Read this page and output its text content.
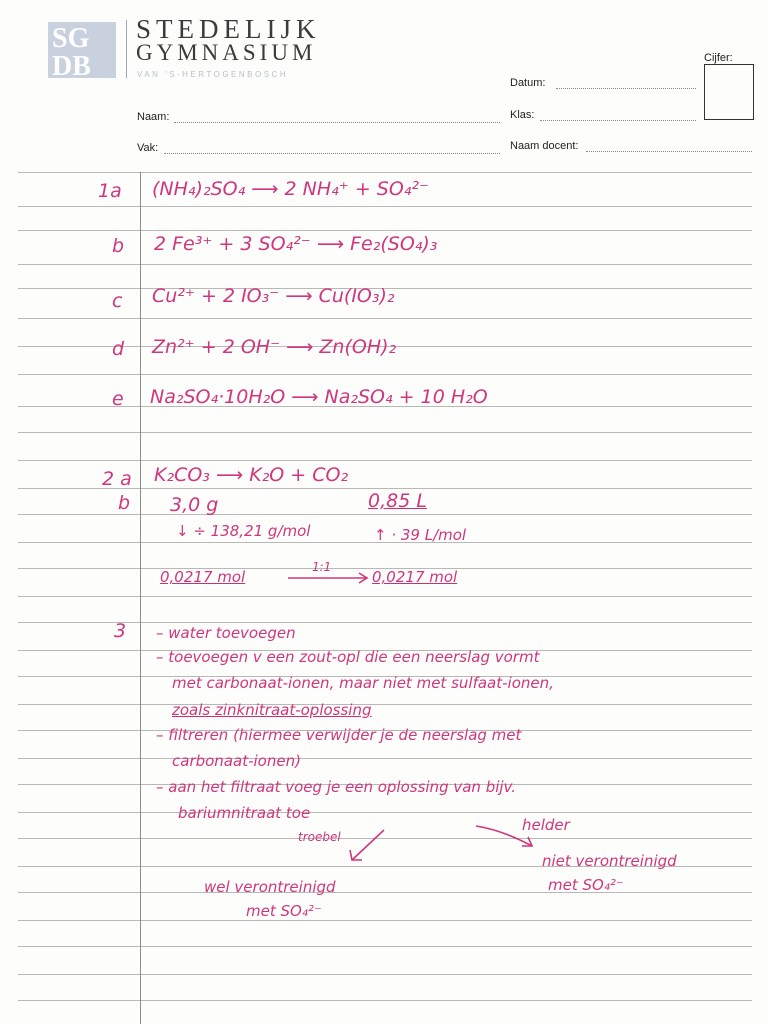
SG
DB
STEDELIJK
GYMNASIUM
VAN 'S-HERTOGENBOSCH
Cijfer:
Datum:
Klas:
Naam:
Vak:	Naam docent:
1a (NH₄)₂SO₄ ⟶ 2 NH₄⁺ + SO₄²⁻
b 2 Fe³⁺ + 3 SO₄²⁻ ⟶ Fe₂(SO₄)₃
c Cu²⁺ + 2 IO₃⁻ ⟶ Cu(IO₃)₂
d Zn²⁺ + 2 OH⁻ ⟶ Zn(OH)₂
e Na₂SO₄·10H₂O ⟶ Na₂SO₄ + 10 H₂O
2 a K₂CO₃ ⟶ K₂O + CO₂
b 3,0 g	0,85 L
↓ ÷ 138,21 g/mol	↑ · 39 L/mol
0,0217 mol
1:1
0,0217 mol
3 – water toevoegen
– toevoegen v een zout-opl die een neerslag vormt
met carbonaat-ionen, maar niet met sulfaat-ionen,
zoals zinknitraat-oplossing
– filtreren (hiermee verwijder je de neerslag met
carbonaat-ionen)
– aan het filtraat voeg je een oplossing van bijv.
bariumnitraat toe
troebel
helder
wel verontreinigd
met SO₄²⁻
niet verontreinigd
met SO₄²⁻
